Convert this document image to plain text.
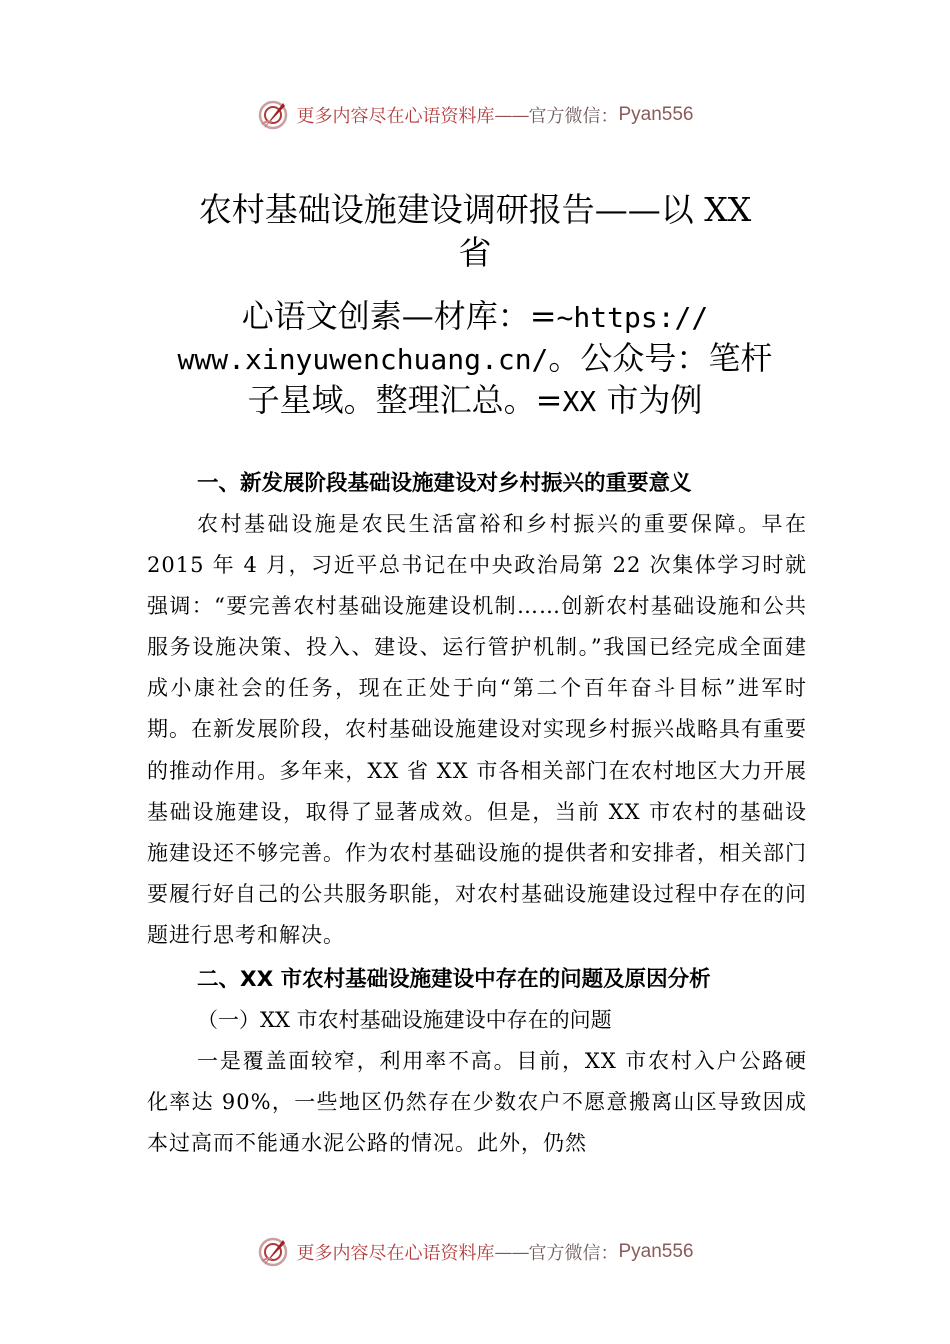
更多内容尽在心语资料库 —— 官方微信： Pyan556
农村基础设施建设调研报告——以 XX
省
心语文创素—材库：=~https://
www.xinyuwenchuang.cn/。公众号：笔杆
子星域。整理汇总。=XX 市为例
一、新发展阶段基础设施建设对乡村振兴的重要意义
农村基础设施是农民生活富裕和乡村振兴的重要保障。早在 2015 年 4 月，习近平总书记在中央政治局第 22 次集体学习时就强调：“要完善农村基础设施建设机制……创新农村基础设施和公共服务设施决策、投入、建设、运行管护机制。”我国已经完成全面建成小康社会的任务，现在正处于向“第二个百年奋斗目标”进军时期。在新发展阶段，农村基础设施建设对实现乡村振兴战略具有重要的推动作用。多年来，XX 省 XX 市各相关部门在农村地区大力开展基础设施建设，取得了显著成效。但是，当前 XX 市农村的基础设施建设还不够完善。作为农村基础设施的提供者和安排者，相关部门要履行好自己的公共服务职能，对农村基础设施建设过程中存在的问题进行思考和解决。
二、XX 市农村基础设施建设中存在的问题及原因分析
（一）XX 市农村基础设施建设中存在的问题
一是覆盖面较窄，利用率不高。目前，XX 市农村入户公路硬化率达 90%，一些地区仍然存在少数农户不愿意搬离山区导致因成本过高而不能通水泥公路的情况。此外，仍然
更多内容尽在心语资料库 —— 官方微信： Pyan556
